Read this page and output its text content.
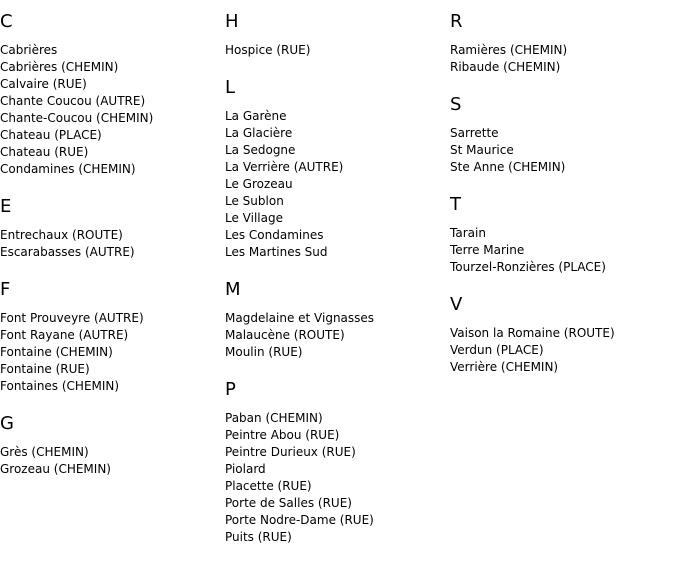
C
Cabrières
Cabrières (CHEMIN)
Calvaire (RUE)
Chante Coucou (AUTRE)
Chante-Coucou (CHEMIN)
Chateau (PLACE)
Chateau (RUE)
Condamines (CHEMIN)
E
Entrechaux (ROUTE)
Escarabasses (AUTRE)
F
Font Prouveyre (AUTRE)
Font Rayane (AUTRE)
Fontaine (CHEMIN)
Fontaine (RUE)
Fontaines (CHEMIN)
G
Grès (CHEMIN)
Grozeau (CHEMIN)
H
Hospice (RUE)
L
La Garène
La Glacière
La Sedogne
La Verrière (AUTRE)
Le Grozeau
Le Sublon
Le Village
Les Condamines
Les Martines Sud
M
Magdelaine et Vignasses
Malaucène (ROUTE)
Moulin (RUE)
P
Paban (CHEMIN)
Peintre Abou (RUE)
Peintre Durieux (RUE)
Piolard
Placette (RUE)
Porte de Salles (RUE)
Porte Nodre-Dame (RUE)
Puits (RUE)
R
Ramières (CHEMIN)
Ribaude (CHEMIN)
S
Sarrette
St Maurice
Ste Anne (CHEMIN)
T
Tarain
Terre Marine
Tourzel-Ronzières (PLACE)
V
Vaison la Romaine (ROUTE)
Verdun (PLACE)
Verrière (CHEMIN)
